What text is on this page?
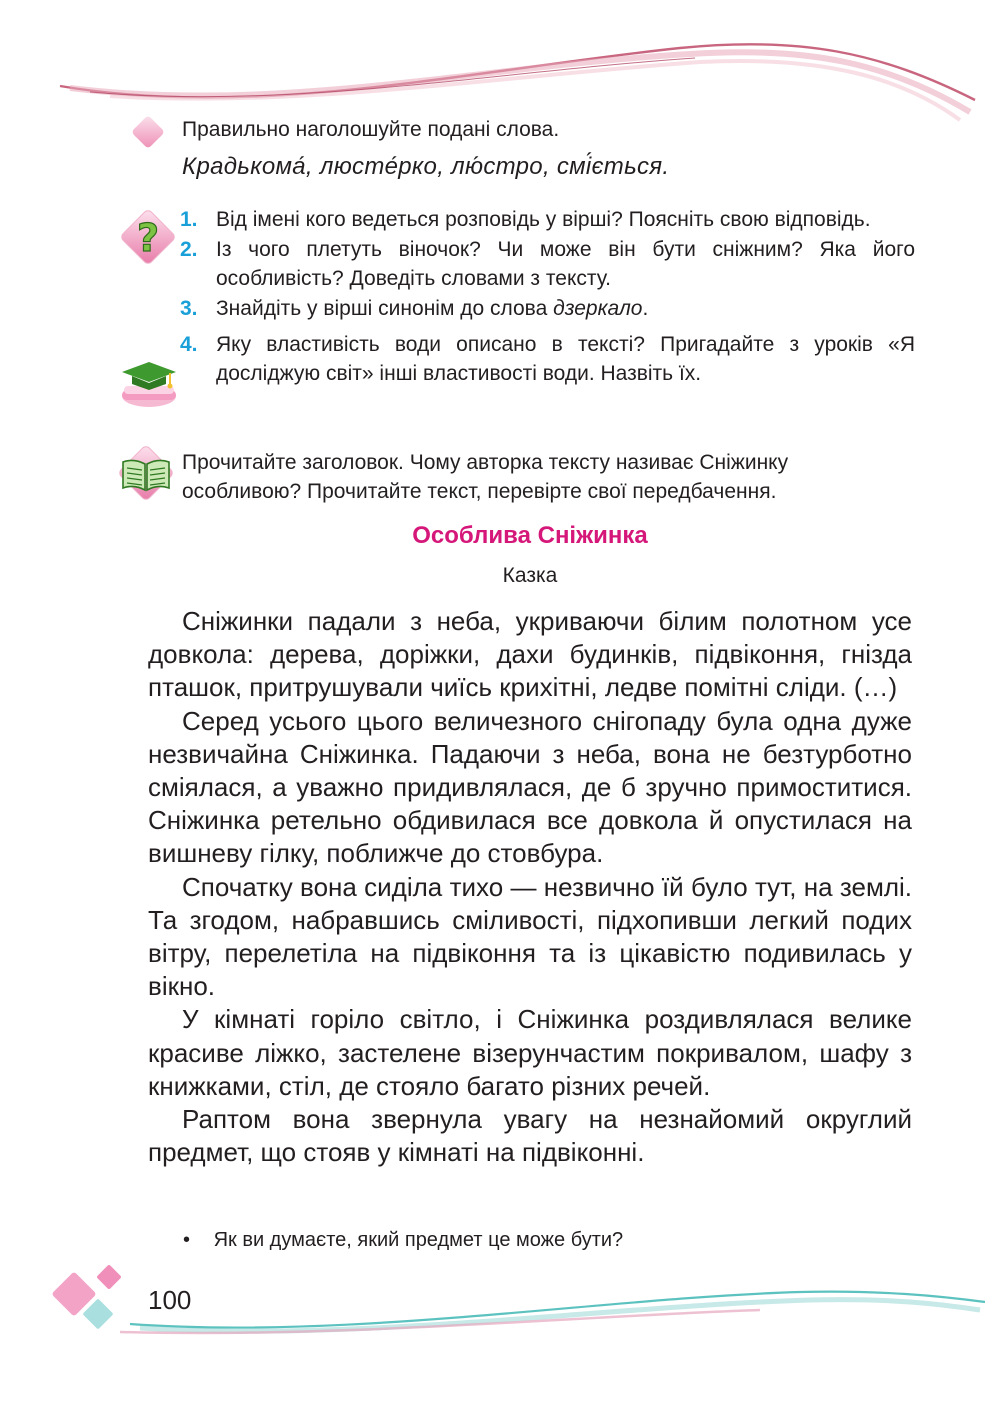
Правильно наголошуйте подані слова.
Крадькома, люстерко, люстро, сміється.
? 1. Від імені кого ведеться розповідь у вірші? Поясніть свою відповідь.
2. Із чого плетуть віночок? Чи може він бути сніжним? Яка його особливість? Доведіть словами з тексту.
3. Знайдіть у вірші синонім до слова дзеркало.
4. Яку властивість води описано в тексті? Пригадайте з уроків «Я досліджую світ» інші властивості води. Назвіть їх.
Прочитайте заголовок. Чому авторка тексту називає Сніжинку
особливою? Прочитайте текст, перевірте свої передбачення.
Особлива Сніжинка
Казка

Сніжинки падали з неба, укриваючи білим полотном усе довкола: дерева, доріжки, дахи будинків, підвіконня, гнізда пташок, притрушували чиїсь крихітні, ледве помітні сліди. (…)

Серед усього цього величезного снігопаду була одна дуже незвичайна Сніжинка. Падаючи з неба, вона не безтурботно сміялася, а уважно придивлялася, де б зручно примоститися. Сніжинка ретельно обдивилася все довкола й опустилася на вишневу гілку, поближче до стовбура.

Спочатку вона сиділа тихо — незвично їй було тут, на землі. Та згодом, набравшись сміливості, підхопивши легкий подих вітру, перелетіла на підвіконня та із цікавістю подивилась у вікно.

У кімнаті горіло світло, і Сніжинка роздивлялася велике красиве ліжко, застелене візерунчастим покривалом, шафу з книжками, стіл, де стояло багато різних речей.

Раптом вона звернула увагу на незнайомий округлий предмет, що стояв у кімнаті на підвіконні.

• Як ви думаєте, який предмет це може бути?
100
